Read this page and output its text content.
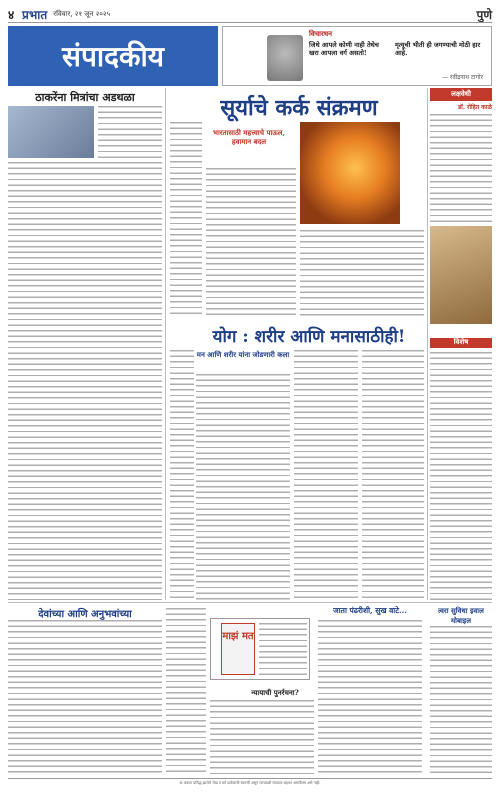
४ प्रभात रविवार, २१ जून २०२५	पुणे
संपादकीय
विचारधन
जिथे आपले कोणी नाही तेथेच खरा आपला वर्ग असतो!
मृत्यूची भीती ही जगण्याची मोठी हार आहे.
— रवींद्रनाथ टागोर
ठाकरेंना मित्रांचा अडथळा	सूर्याचे कर्क संक्रमण
भारतासाठी महत्त्वाचे पाऊल, हवामान बदल
लक्षवेधी
डॉ. रोहित काळे
योग : शरीर आणि मनासाठीही!
मन आणि शरीर यांना जोडणारी कला
विशेष
देवांच्या आणि अनुभवांच्या
माझं मत
न्यायाची पुनर्रचना?
जाता पंढरीशी, सुख वाटे...	त्वरा सुविधा इवाल मोबाइल
या अंकात प्रसिद्ध झालेले लेख व मते प्रत्येकाची स्वतःची असून त्याच्याशी संपादक सहमत असतीलच असे नाही.
